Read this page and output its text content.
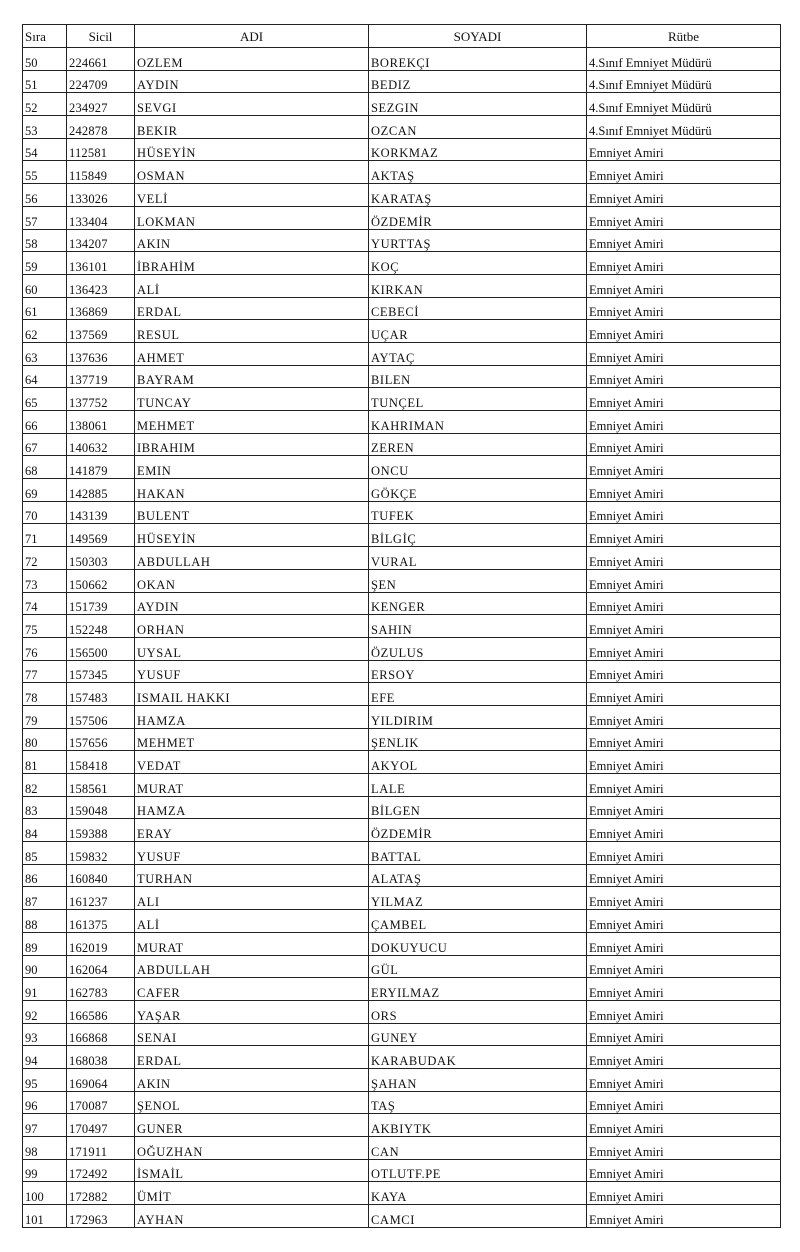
Sıra	Sicil	ADI	SOYADI	Rütbe
50	224661	OZLEM	BOREKÇI	4.Sınıf Emniyet Müdürü
51	224709	AYDIN	BEDIZ	4.Sınıf Emniyet Müdürü
52	234927	SEVGI	SEZGIN	4.Sınıf Emniyet Müdürü
53	242878	BEKIR	OZCAN	4.Sınıf Emniyet Müdürü
54	112581	HÜSEYİN	KORKMAZ	Emniyet Amiri
55	115849	OSMAN	AKTAŞ	Emniyet Amiri
56	133026	VELİ	KARATAŞ	Emniyet Amiri
57	133404	LOKMAN	ÖZDEMİR	Emniyet Amiri
58	134207	AKIN	YURTTAŞ	Emniyet Amiri
59	136101	İBRAHİM	KOÇ	Emniyet Amiri
60	136423	ALİ	KIRKAN	Emniyet Amiri
61	136869	ERDAL	CEBECİ	Emniyet Amiri
62	137569	RESUL	UÇAR	Emniyet Amiri
63	137636	AHMET	AYTAÇ	Emniyet Amiri
64	137719	BAYRAM	BILEN	Emniyet Amiri
65	137752	TUNCAY	TUNÇEL	Emniyet Amiri
66	138061	MEHMET	KAHRIMAN	Emniyet Amiri
67	140632	IBRAHIM	ZEREN	Emniyet Amiri
68	141879	EMIN	ONCU	Emniyet Amiri
69	142885	HAKAN	GÖKÇE	Emniyet Amiri
70	143139	BULENT	TUFEK	Emniyet Amiri
71	149569	HÜSEYİN	BİLGİÇ	Emniyet Amiri
72	150303	ABDULLAH	VURAL	Emniyet Amiri
73	150662	OKAN	ŞEN	Emniyet Amiri
74	151739	AYDIN	KENGER	Emniyet Amiri
75	152248	ORHAN	SAHIN	Emniyet Amiri
76	156500	UYSAL	ÖZULUS	Emniyet Amiri
77	157345	YUSUF	ERSOY	Emniyet Amiri
78	157483	ISMAIL HAKKI	EFE	Emniyet Amiri
79	157506	HAMZA	YILDIRIM	Emniyet Amiri
80	157656	MEHMET	ŞENLIK	Emniyet Amiri
81	158418	VEDAT	AKYOL	Emniyet Amiri
82	158561	MURAT	LALE	Emniyet Amiri
83	159048	HAMZA	BİLGEN	Emniyet Amiri
84	159388	ERAY	ÖZDEMİR	Emniyet Amiri
85	159832	YUSUF	BATTAL	Emniyet Amiri
86	160840	TURHAN	ALATAŞ	Emniyet Amiri
87	161237	ALI	YILMAZ	Emniyet Amiri
88	161375	ALİ	ÇAMBEL	Emniyet Amiri
89	162019	MURAT	DOKUYUCU	Emniyet Amiri
90	162064	ABDULLAH	GÜL	Emniyet Amiri
91	162783	CAFER	ERYILMAZ	Emniyet Amiri
92	166586	YAŞAR	ORS	Emniyet Amiri
93	166868	SENAI	GUNEY	Emniyet Amiri
94	168038	ERDAL	KARABUDAK	Emniyet Amiri
95	169064	AKIN	ŞAHAN	Emniyet Amiri
96	170087	ŞENOL	TAŞ	Emniyet Amiri
97	170497	GUNER	AKBIYTK	Emniyet Amiri
98	171911	OĞUZHAN	CAN	Emniyet Amiri
99	172492	İSMAİL	OTLUTF.PE	Emniyet Amiri
100	172882	ÜMİT	KAYA	Emniyet Amiri
101	172963	AYHAN	CAMCI	Emniyet Amiri
